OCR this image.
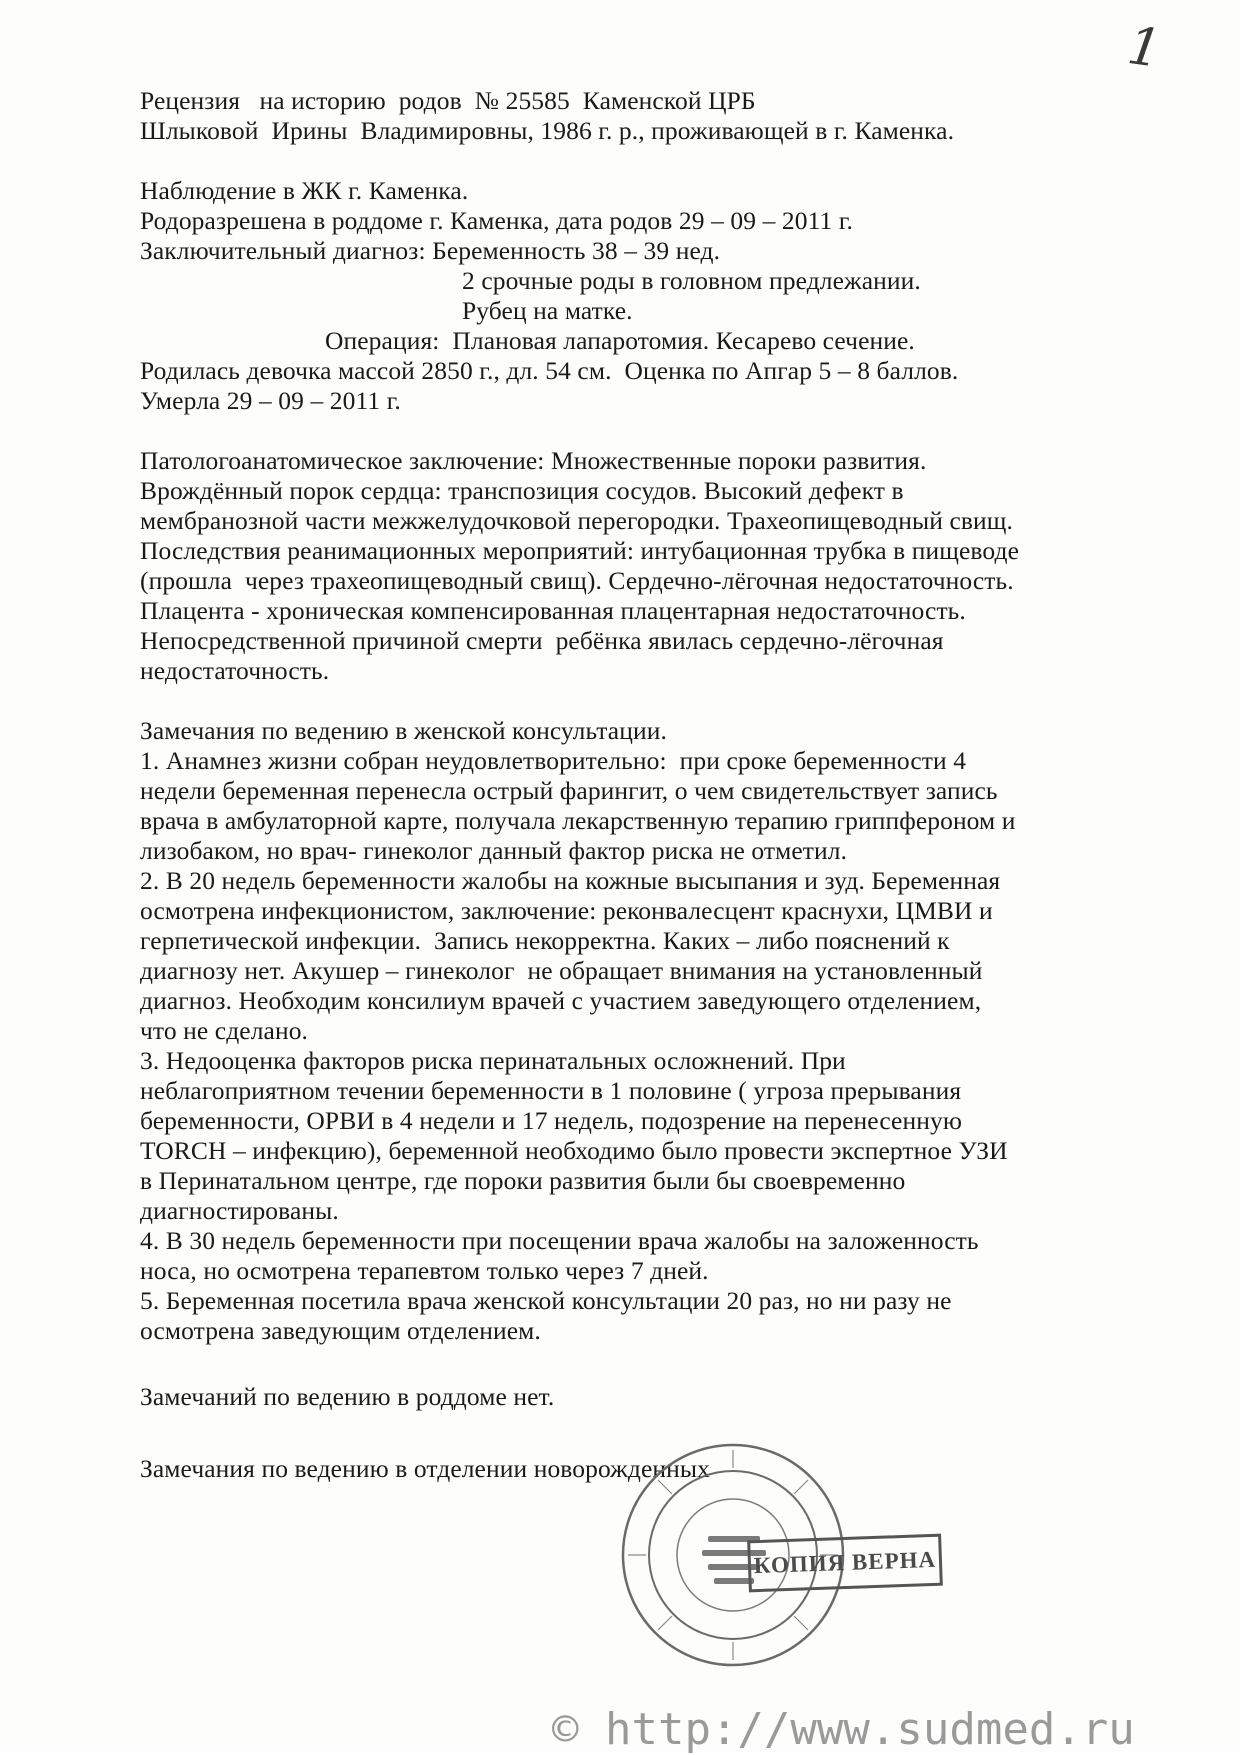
1
Рецензия   на историю  родов  № 25585  Каменской ЦРБ
Шлыковой  Ирины  Владимировны, 1986 г. р., проживающей в г. Каменка.
Наблюдение в ЖК г. Каменка.
Родоразрешена в роддоме г. Каменка, дата родов 29 – 09 – 2011 г.
Заключительный диагноз: Беременность 38 – 39 нед.
2 срочные роды в головном предлежании.
Рубец на матке.
Операция:  Плановая лапаротомия. Кесарево сечение.
Родилась девочка массой 2850 г., дл. 54 см.  Оценка по Апгар 5 – 8 баллов.
Умерла 29 – 09 – 2011 г.
Патологоанатомическое заключение: Множественные пороки развития.
Врождённый порок сердца: транспозиция сосудов. Высокий дефект в
мембранозной части межжелудочковой перегородки. Трахеопищеводный свищ.
Последствия реанимационных мероприятий: интубационная трубка в пищеводе
(прошла  через трахеопищеводный свищ). Сердечно-лёгочная недостаточность.
Плацента - хроническая компенсированная плацентарная недостаточность.
Непосредственной причиной смерти  ребёнка явилась сердечно-лёгочная
недостаточность.
Замечания по ведению в женской консультации.
1. Анамнез жизни собран неудовлетворительно:  при сроке беременности 4
недели беременная перенесла острый фарингит, о чем свидетельствует запись
врача в амбулаторной карте, получала лекарственную терапию гриппфероном и
лизобаком, но врач- гинеколог данный фактор риска не отметил.
2. В 20 недель беременности жалобы на кожные высыпания и зуд. Беременная
осмотрена инфекционистом, заключение: реконвалесцент краснухи, ЦМВИ и
герпетической инфекции.  Запись некорректна. Каких – либо пояснений к
диагнозу нет. Акушер – гинеколог  не обращает внимания на установленный
диагноз. Необходим консилиум врачей с участием заведующего отделением,
что не сделано.
3. Недооценка факторов риска перинатальных осложнений. При
неблагоприятном течении беременности в 1 половине ( угроза прерывания
беременности, ОРВИ в 4 недели и 17 недель, подозрение на перенесенную
TORCH – инфекцию), беременной необходимо было провести экспертное УЗИ
в Перинатальном центре, где пороки развития были бы своевременно
диагностированы.
4. В 30 недель беременности при посещении врача жалобы на заложенность
носа, но осмотрена терапевтом только через 7 дней.
5. Беременная посетила врача женской консультации 20 раз, но ни разу не
осмотрена заведующим отделением.
Замечаний по ведению в роддоме нет.
Замечания по ведению в отделении новорожденных
КОПИЯ ВЕРНА
© http://www.sudmed.ru
